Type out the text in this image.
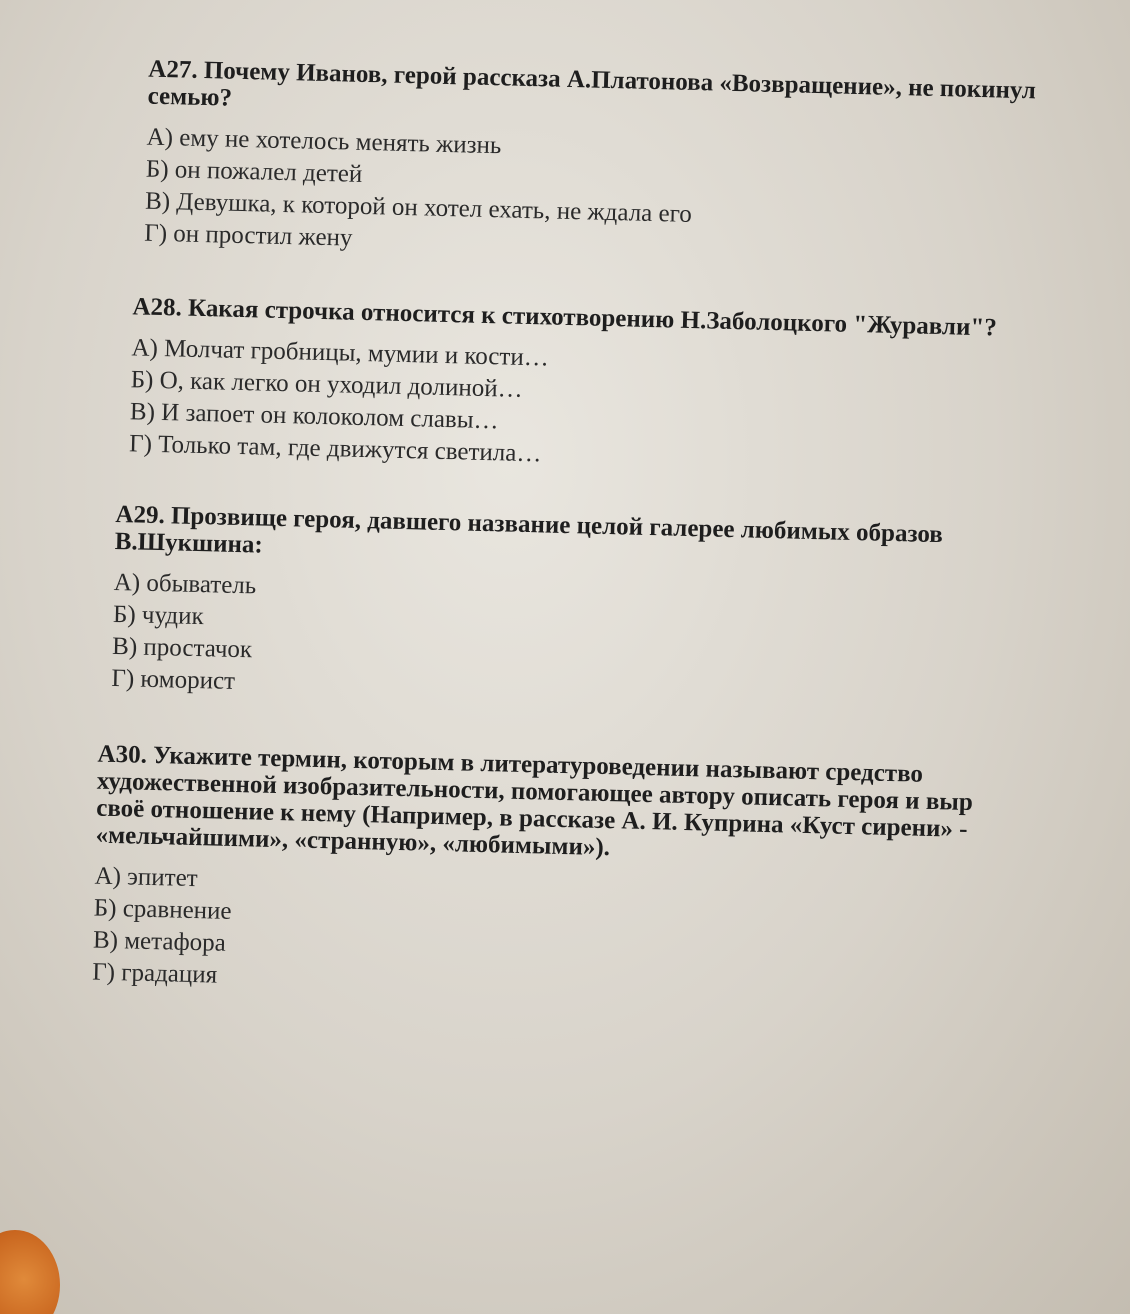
А27. Почему Иванов, герой рассказа А.Платонова «Возвращение», не покинул
семью?

А) ему не хотелось менять жизнь
Б) он пожалел детей
В) Девушка, к которой он хотел ехать, не ждала его
Г) он простил жену

А28. Какая строчка относится к стихотворению Н.Заболоцкого "Журавли"?

А) Молчат гробницы, мумии и кости…
Б) О, как легко он уходил долиной…
В) И запоет он колоколом славы…
Г) Только там, где движутся светила…

А29. Прозвище героя, давшего название целой галерее любимых образов
В.Шукшина:

А) обыватель
Б) чудик
В) простачок
Г) юморист

А30. Укажите термин, которым в литературоведении называют средство
художественной изобразительности, помогающее автору описать героя и выр
своё отношение к нему (Например, в рассказе А. И. Куприна «Куст сирени» -
«мельчайшими», «странную», «любимыми»).

А) эпитет
Б) сравнение
В) метафора
Г) градация
